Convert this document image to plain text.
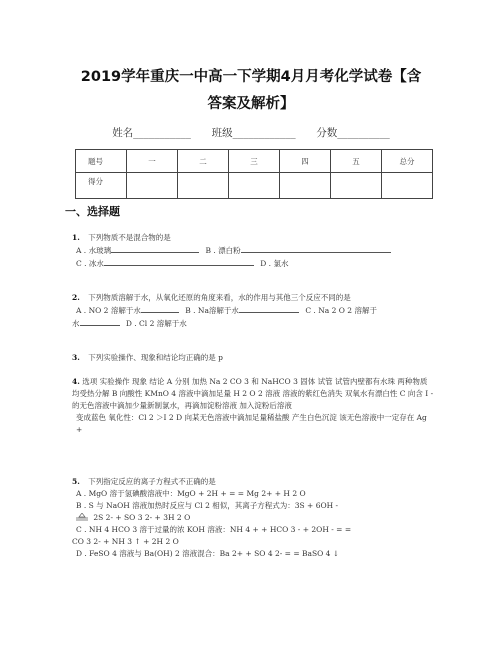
2019学年重庆一中高一下学期4月月考化学试卷【含
答案及解析】
姓名___________ 班级____________ 分数__________
题号	一	二	三	四	五	总分
得分						
一、选择题
1. 下列物质不是混合物的是
A . 水玻璃	B . 漂白粉
C . 冰水	D . 氯水
2. 下列物质溶解于水，从氧化还原的角度来看，水的作用与其他三个反应不同的是
A . NO 2 溶解于水	B . Na溶解于水	C . Na 2 O 2 溶解于
水	D . Cl 2 溶解于水
3. 下列实验操作、现象和结论均正确的是 p
4. 选项 实验操作 现象 结论 A 分别 加热 Na 2 CO 3 和 NaHCO 3 固体 试管 试管内壁都有水珠 两种物质均受热分解 B 向酸性 KMnO 4 溶液中滴加足量 H 2 O 2 溶液 溶液的紫红色消失 双氧水有漂白性 C 向含 I - 的无色溶液中滴加少量新制氯水，再滴加淀粉溶液 加入淀粉后溶液
变成蓝色 氧化性：Cl 2 ＞I 2 D 向某无色溶液中滴加足量稀盐酸 产生白色沉淀 该无色溶液中一定存在 Ag +
5. 下列指定反应的离子方程式不正确的是
A . MgO 溶于氢碘酸溶液中：MgO + 2H + = = Mg 2+ + H 2 O
B . S 与 NaOH 溶液加热时反应与 Cl 2 相似，其离子方程式为：3S + 6OH -
2S 2- + SO 3 2- + 3H 2 O
C . NH 4 HCO 3 溶于过量的浓 KOH 溶液：NH 4 + + HCO 3 - + 2OH - = =
CO 3 2- + NH 3 ↑ + 2H 2 O
D . FeSO 4 溶液与 Ba(OH) 2 溶液混合：Ba 2+ + SO 4 2- = = BaSO 4 ↓
